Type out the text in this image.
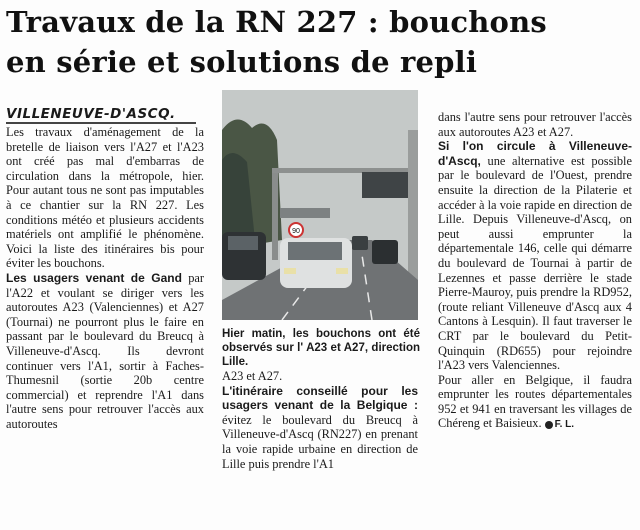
Travaux de la RN 227 : bouchons
en série et solutions de repli
VILLENEUVE-D'ASCQ.

Les travaux d'aménagement de la bretelle de liaison vers l'A27 et l'A23 ont créé pas mal d'embarras de circulation dans la métropole, hier. Pour autant tous ne sont pas imputables à ce chantier sur la RN 227. Les conditions météo et plusieurs accidents matériels ont amplifié le phénomène. Voici la liste des itinéraires bis pour éviter les bouchons.

Les usagers venant de Gand par l'A22 et voulant se diriger vers les autoroutes A23 (Valenciennes) et A27 (Tournai) ne pourront plus le faire en passant par le boulevard du Breucq à Villeneuve-d'Ascq. Ils devront continuer vers l'A1, sortir à Faches-Thumesnil (sortie 20b centre commercial) et reprendre l'A1 dans l'autre sens pour retrouver l'accès aux autoroutes

90
Hier matin, les bouchons ont été observés sur l' A23 et A27, direction Lille.

A23 et A27.

L'itinéraire conseillé pour les usagers venant de la Belgique : évitez le boulevard du Breucq à Villeneuve-d'Ascq (RN227) en prenant la voie rapide urbaine en direction de Lille puis prendre l'A1

dans l'autre sens pour retrouver l'accès aux autoroutes A23 et A27.

Si l'on circule à Villeneuve-d'Ascq, une alternative est possible par le boulevard de l'Ouest, prendre ensuite la direction de la Pilaterie et accéder à la voie rapide en direction de Lille. Depuis Villeneuve-d'Ascq, on peut aussi emprunter la départementale 146, celle qui démarre du boulevard de Tournai à partir de Lezennes et passe derrière le stade Pierre-Mauroy, puis prendre la RD952, (route reliant Villeneuve d'Ascq aux 4 Cantons à Lesquin). Il faut traverser le CRT par le boulevard du Petit-Quinquin (RD655) pour rejoindre l'A23 vers Valenciennes.

Pour aller en Belgique, il faudra emprunter les routes départementales 952 et 941 en traversant les villages de Chéreng et Baisieux. F. L.
